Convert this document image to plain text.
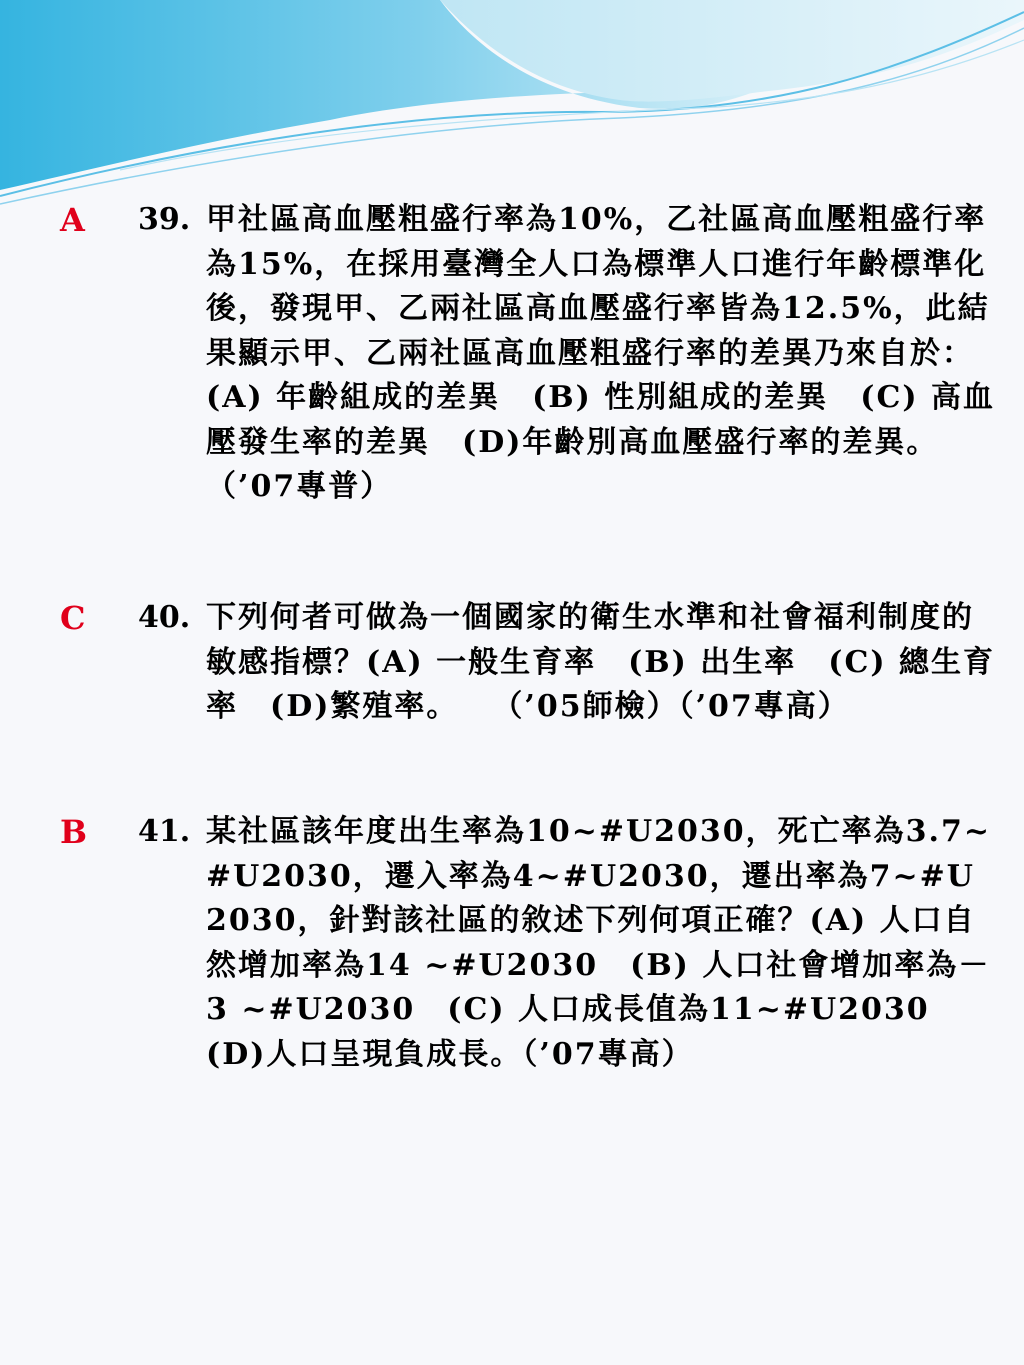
A 39. 甲社區高血壓粗盛行率為10%，乙社區高血壓粗盛行率為15%，在採用臺灣全人口為標準人口進行年齡標準化後，發現甲、乙兩社區高血壓盛行率皆為12.5%，此結果顯示甲、乙兩社區高血壓粗盛行率的差異乃來自於：(A) 年齡組成的差異　(B) 性別組成的差異　(C) 高血壓發生率的差異　(D)年齡別高血壓盛行率的差異。　　（’07專普）

C 40. 下列何者可做為一個國家的衛生水準和社會福利制度的敏感指標？(A) 一般生育率　(B) 出生率　(C) 總生育率　(D)繁殖率。　　（’05師檢）（’07專高）

B 41. 某社區該年度出生率為10~#U2030，死亡率為3.7~#U2030，遷入率為4~#U2030，遷出率為7~#U2030，針對該社區的敘述下列何項正確？(A) 人口自然增加率為14 ~#U2030　(B) 人口社會增加率為－3 ~#U2030　(C) 人口成長值為11~#U2030　(D)人口呈現負成長。（’07專高）
